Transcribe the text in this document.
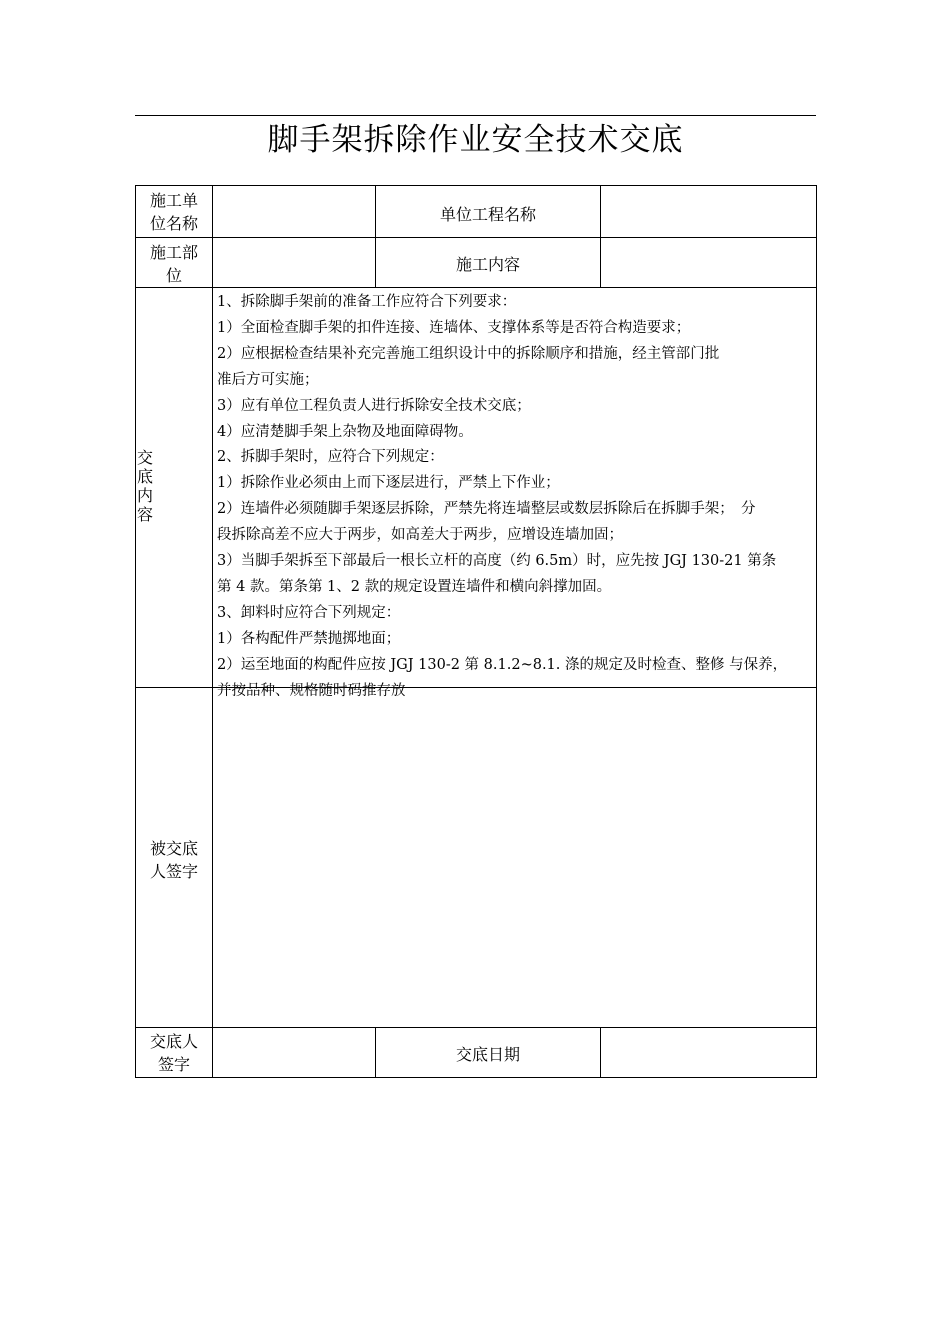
脚手架拆除作业安全技术交底
施工单
位名称	单位工程名称
施工部
位
施工内容
交
底
内
容

1、拆除脚手架前的准备工作应符合下列要求：

1）全面检查脚手架的扣件连接、连墙体、支撑体系等是否符合构造要求；

2）应根据检查结果补充完善施工组织设计中的拆除顺序和措施，经主管部门批

准后方可实施；

3）应有单位工程负责人进行拆除安全技术交底；

4）应清楚脚手架上杂物及地面障碍物。

2、拆脚手架时，应符合下列规定：

1）拆除作业必须由上而下逐层进行，严禁上下作业；

2）连墙件必须随脚手架逐层拆除，严禁先将连墙整层或数层拆除后在拆脚手架；　分

段拆除高差不应大于两步，如高差大于两步，应增设连墙加固；

3）当脚手架拆至下部最后一根长立杆的高度（约 6.5m）时，应先按 JGJ 130-21 第条

第 4 款。第条第 1、2 款的规定设置连墙件和横向斜撑加固。

3、卸料时应符合下列规定：

1）各构配件严禁抛掷地面；

2）运至地面的构配件应按 JGJ 130-2 第 8.1.2~8.1. 涤的规定及时检查、整修 与保养，

并按品种、规格随时码推存放

被交底
人签字
交底人
签字	交底日期
